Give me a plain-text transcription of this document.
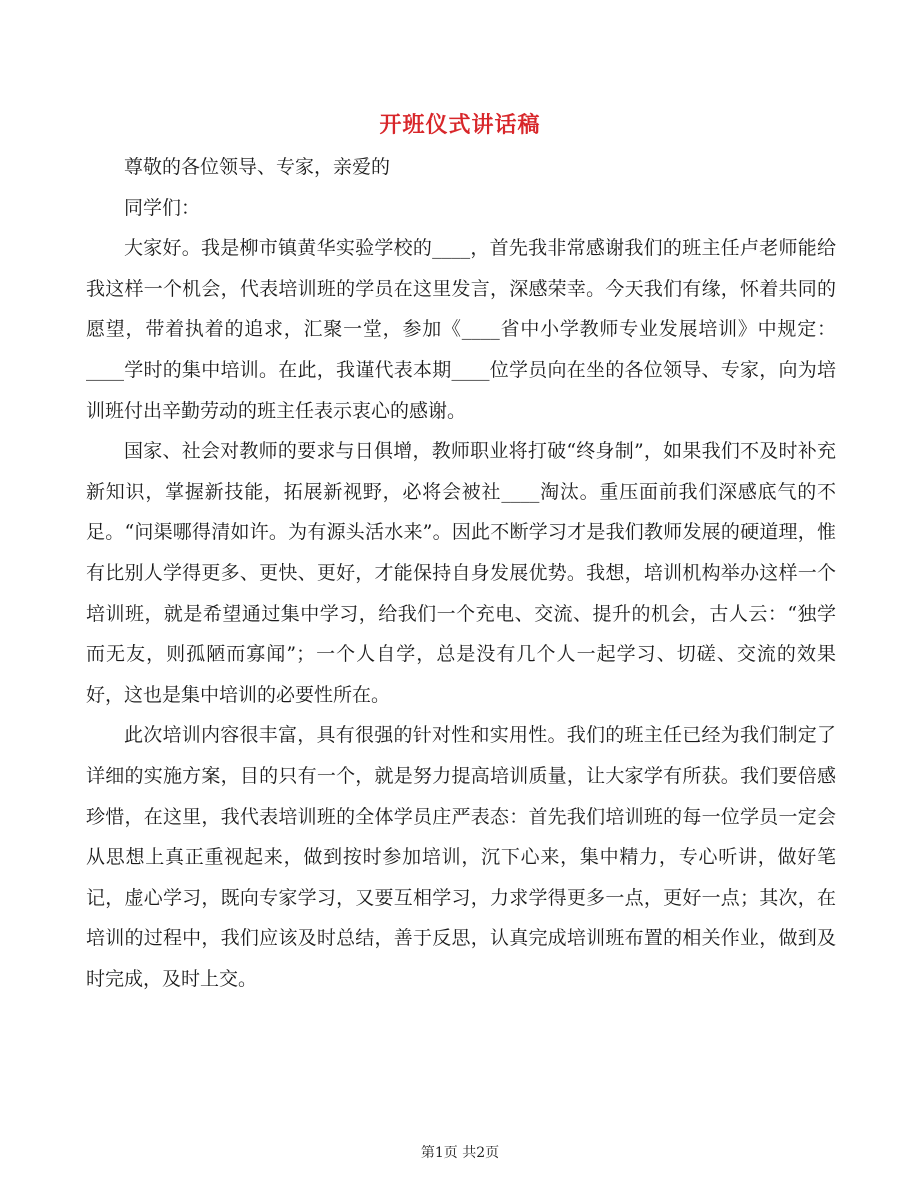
开班仪式讲话稿

尊敬的各位领导、专家，亲爱的

同学们：

大家好。我是柳市镇黄华实验学校的____，首先我非常感谢我们的班主任卢老师能给我这样一个机会，代表培训班的学员在这里发言，深感荣幸。今天我们有缘，怀着共同的愿望，带着执着的追求，汇聚一堂，参加《____省中小学教师专业发展培训》中规定：____学时的集中培训。在此，我谨代表本期____位学员向在坐的各位领导、专家，向为培训班付出辛勤劳动的班主任表示衷心的感谢。

国家、社会对教师的要求与日俱增，教师职业将打破“终身制”，如果我们不及时补充新知识，掌握新技能，拓展新视野，必将会被社____淘汰。重压面前我们深感底气的不足。“问渠哪得清如许。为有源头活水来”。因此不断学习才是我们教师发展的硬道理，惟有比别人学得更多、更快、更好，才能保持自身发展优势。我想，培训机构举办这样一个培训班，就是希望通过集中学习，给我们一个充电、交流、提升的机会，古人云：“独学而无友，则孤陋而寡闻”；一个人自学，总是没有几个人一起学习、切磋、交流的效果好，这也是集中培训的必要性所在。

此次培训内容很丰富，具有很强的针对性和实用性。我们的班主任已经为我们制定了详细的实施方案，目的只有一个，就是努力提高培训质量，让大家学有所获。我们要倍感珍惜，在这里，我代表培训班的全体学员庄严表态：首先我们培训班的每一位学员一定会从思想上真正重视起来，做到按时参加培训，沉下心来，集中精力，专心听讲，做好笔记，虚心学习，既向专家学习，又要互相学习，力求学得更多一点，更好一点；其次，在培训的过程中，我们应该及时总结，善于反思，认真完成培训班布置的相关作业，做到及时完成，及时上交。

第1页 共2页
